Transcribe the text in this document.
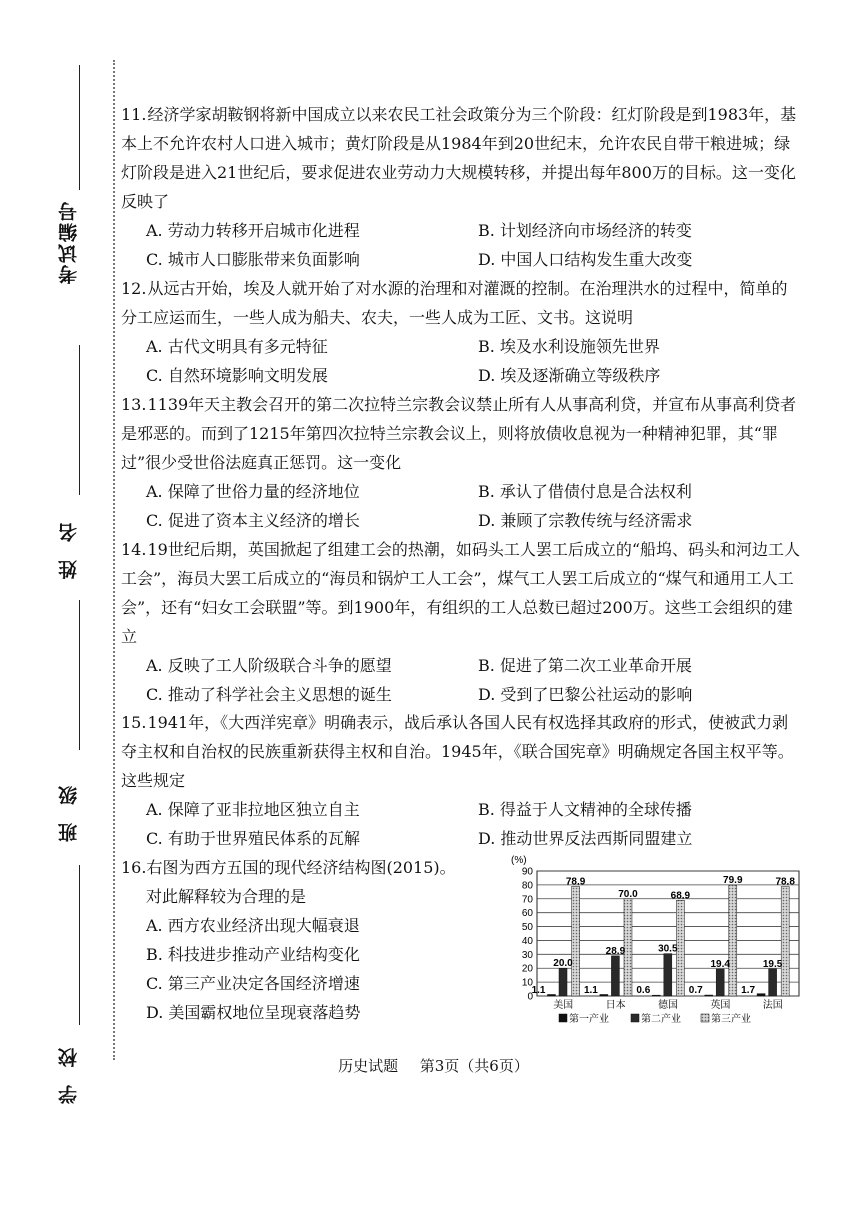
考试编号
姓名
班级
学校
11.经济学家胡鞍钢将新中国成立以来农民工社会政策分为三个阶段：红灯阶段是到1983年，基本上不允许农村人口进入城市；黄灯阶段是从1984年到20世纪末，允许农民自带干粮进城；绿灯阶段是进入21世纪后，要求促进农业劳动力大规模转移，并提出每年800万的目标。这一变化反映了
A. 劳动力转移开启城市化进程	B. 计划经济向市场经济的转变
C. 城市人口膨胀带来负面影响	D. 中国人口结构发生重大改变
12.从远古开始，埃及人就开始了对水源的治理和对灌溉的控制。在治理洪水的过程中，简单的分工应运而生，一些人成为船夫、农夫，一些人成为工匠、文书。这说明
A. 古代文明具有多元特征	B. 埃及水利设施领先世界
C. 自然环境影响文明发展	D. 埃及逐渐确立等级秩序
13.1139年天主教会召开的第二次拉特兰宗教会议禁止所有人从事高利贷，并宣布从事高利贷者是邪恶的。而到了1215年第四次拉特兰宗教会议上，则将放债收息视为一种精神犯罪，其“罪过”很少受世俗法庭真正惩罚。这一变化
A. 保障了世俗力量的经济地位	B. 承认了借债付息是合法权利
C. 促进了资本主义经济的增长	D. 兼顾了宗教传统与经济需求
14.19世纪后期，英国掀起了组建工会的热潮，如码头工人罢工后成立的“船坞、码头和河边工人工会”，海员大罢工后成立的“海员和锅炉工人工会”，煤气工人罢工后成立的“煤气和通用工人工会”，还有“妇女工会联盟”等。到1900年，有组织的工人总数已超过200万。这些工会组织的建立
A. 反映了工人阶级联合斗争的愿望	B. 促进了第二次工业革命开展
C. 推动了科学社会主义思想的诞生	D. 受到了巴黎公社运动的影响
15.1941年，《大西洋宪章》明确表示，战后承认各国人民有权选择其政府的形式，使被武力剥夺主权和自治权的民族重新获得主权和自治。1945年，《联合国宪章》明确规定各国主权平等。这些规定
A. 保障了亚非拉地区独立自主	B. 得益于人文精神的全球传播
C. 有助于世界殖民体系的瓦解	D. 推动世界反法西斯同盟建立
16.右图为西方五国的现代经济结构图(2015)。
对此解释较为合理的是
A. 西方农业经济出现大幅衰退
B. 科技进步推动产业结构变化
C. 第三产业决定各国经济增速
D. 美国霸权地位呈现衰落趋势
(%)
0
10
20
30
40
50
60
70
80
90
1.1
20.0
78.9
美国
1.1
28.9
70.0
日本
0.6
30.5
68.9
德国
0.7
19.4
79.9
英国
1.7
19.5
78.8
法国
第一产业	第二产业	第三产业
历史试题 第3页（共6页）
